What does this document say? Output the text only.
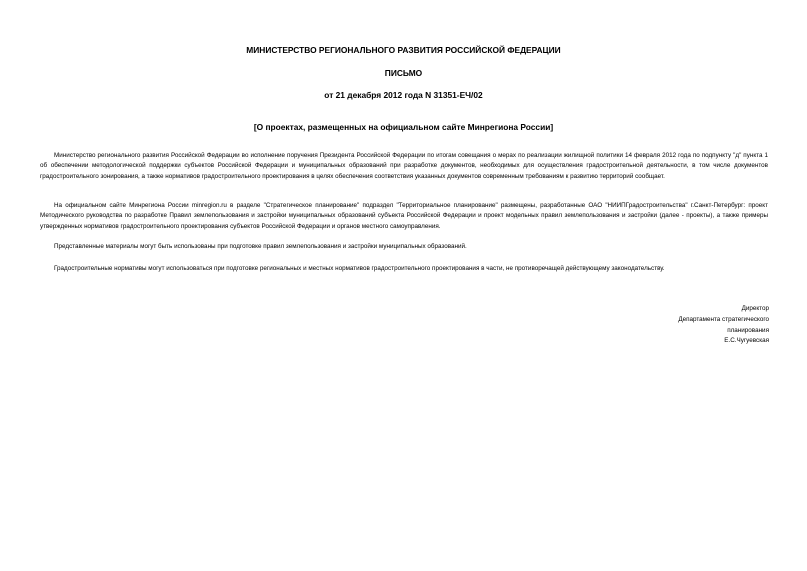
МИНИСТЕРСТВО РЕГИОНАЛЬНОГО РАЗВИТИЯ РОССИЙСКОЙ ФЕДЕРАЦИИ
ПИСЬМО
от 21 декабря 2012 года N 31351-ЕЧ/02
[О проектах, размещенных на официальном сайте Минрегиона России]

Министерство регионального развития Российской Федерации во исполнение поручения Президента Российской Федерации по итогам совещания о мерах по реализации жилищной политики 14 февраля 2012 года по подпункту "д" пункта 1 об обеспечении методологической поддержки субъектов Российской Федерации и муниципальных образований при разработке документов, необходимых для осуществления градостроительной деятельности, в том числе документов градостроительного зонирования, а также нормативов градостроительного проектирования в целях обеспечения соответствия указанных документов современным требованиям к развитию территорий сообщает.

На официальном сайте Минрегиона России minregion.ru в разделе "Стратегическое планирование" подраздел "Территориальное планирование" размещены, разработанные ОАО "НИИПГрадостроительства" г.Санкт-Петербург: проект Методического руководства по разработке Правил землепользования и застройки муниципальных образований субъекта Российской Федерации и проект модельных правил землепользования и застройки (далее - проекты), а также примеры утвержденных нормативов градостроительного проектирования субъектов Российской Федерации и органов местного самоуправления.

Представленные материалы могут быть использованы при подготовке правил землепользования и застройки муниципальных образований.

Градостроительные нормативы могут использоваться при подготовке региональных и местных нормативов градостроительного проектирования в части, не противоречащей действующему законодательству.

Директор
Департамента стратегического
планирования
Е.С.Чугуевская
